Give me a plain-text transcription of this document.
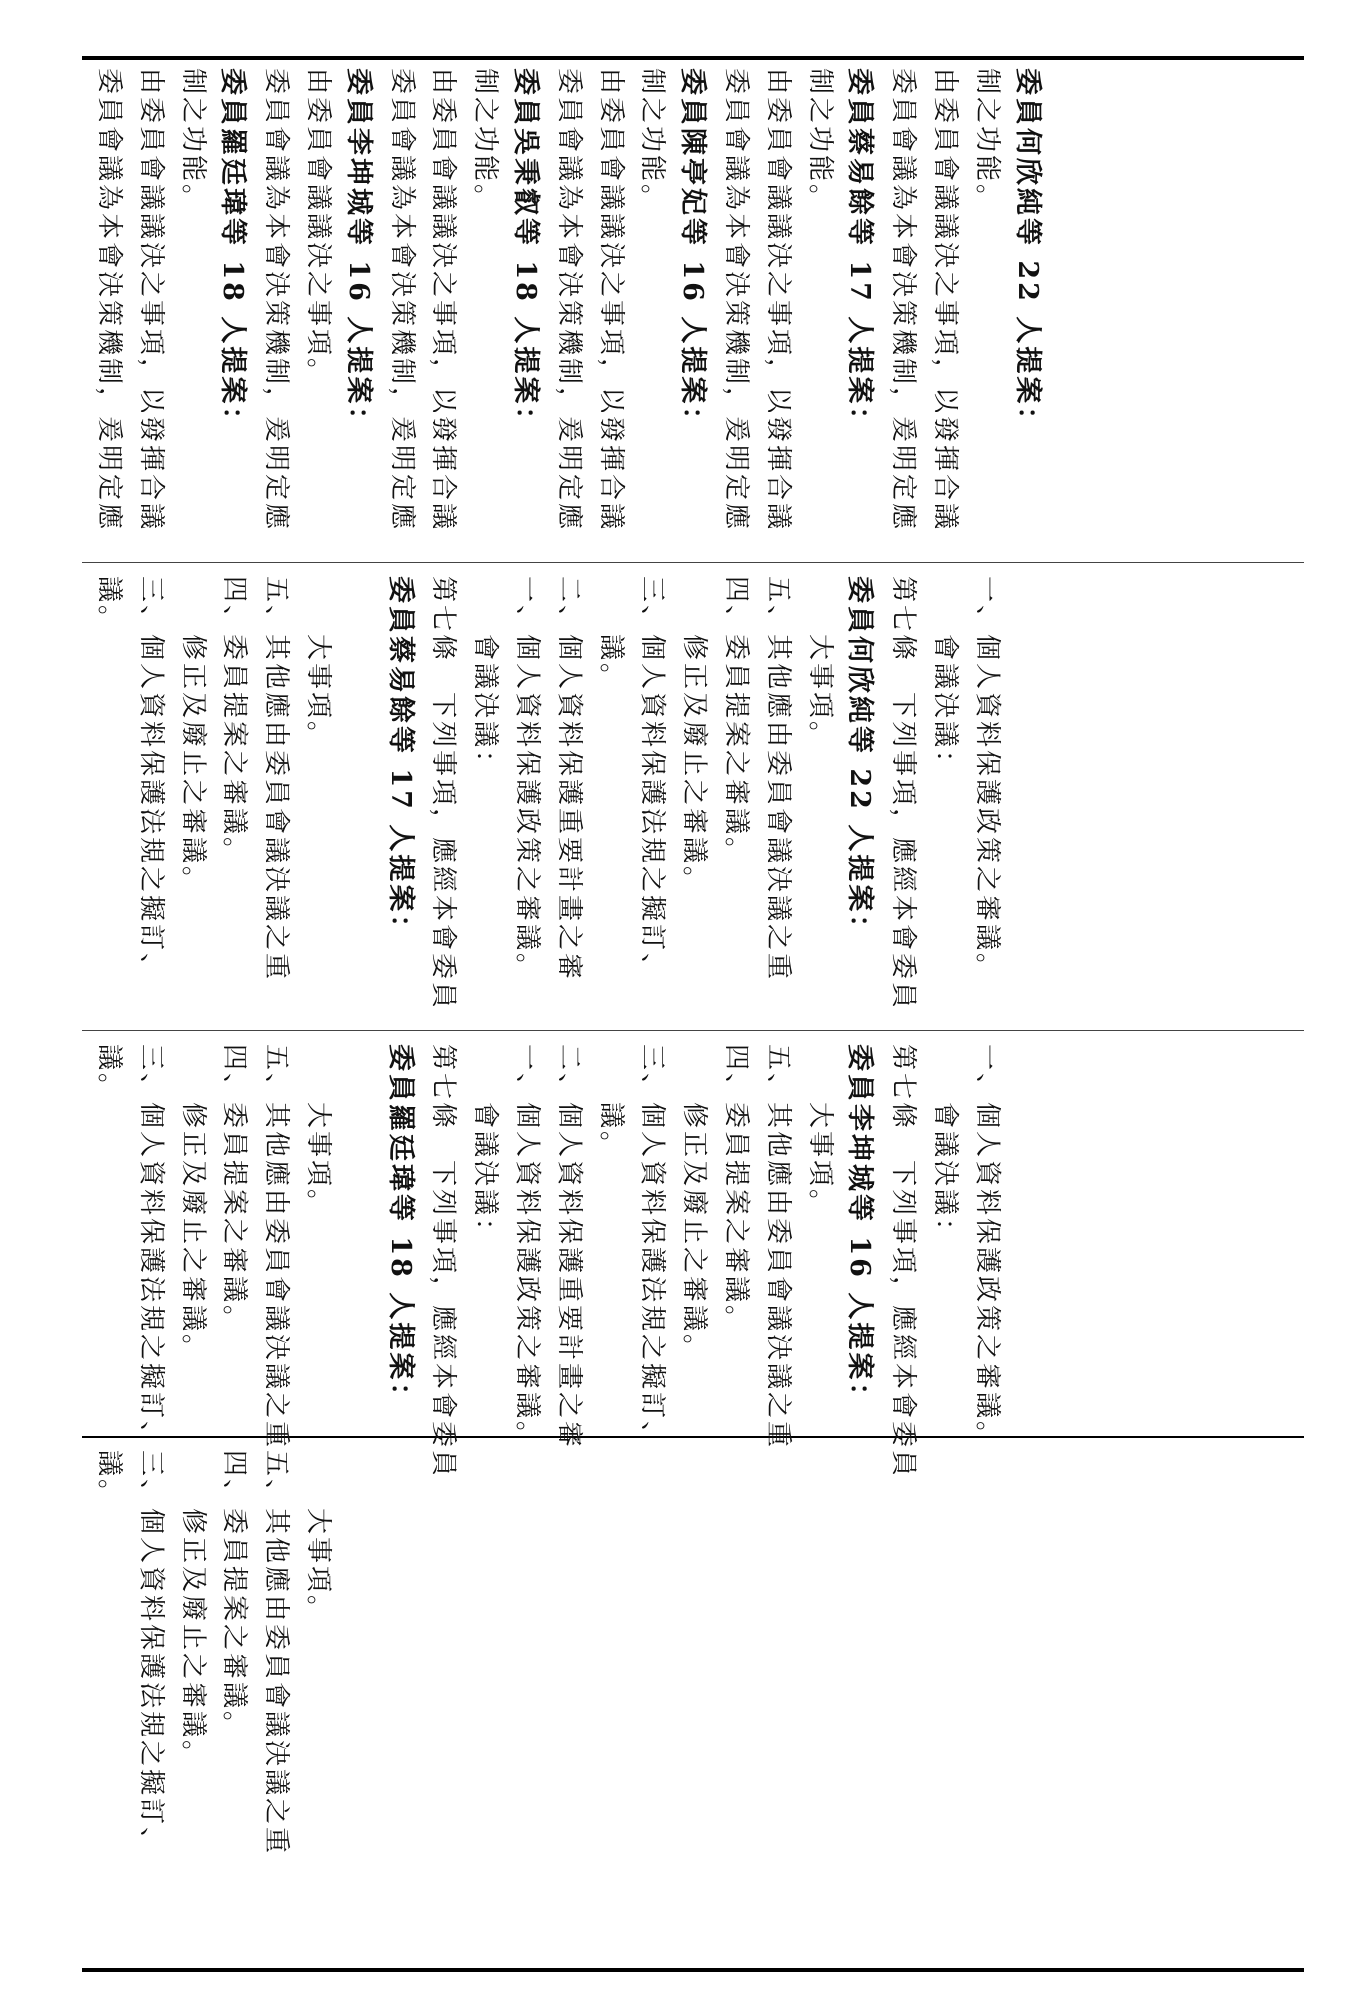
委員會議為本會決策機制，爰明定應 由委員會議議決之事項，以發揮合議 制之功能。 委員羅廷瑋等 18 人提案： 委員會議為本會決策機制，爰明定應 由委員會議議決之事項。 委員李坤城等 16 人提案： 委員會議為本會決策機制，爰明定應 由委員會議議決之事項，以發揮合議 制之功能。 委員吳秉叡等 18 人提案： 委員會議為本會決策機制，爰明定應 由委員會議議決之事項，以發揮合議 制之功能。 委員陳亭妃等 16 人提案： 委員會議為本會決策機制，爰明定應 由委員會議議決之事項，以發揮合議 制之功能。 委員蔡易餘等 17 人提案： 委員會議為本會決策機制，爰明定應 由委員會議議決之事項，以發揮合議 制之功能。 委員何欣純等 22 人提案：
議。 三、個人資料保護法規之擬訂、 　　修正及廢止之審議。 四、委員提案之審議。 五、其他應由委員會議決議之重 　　大事項。 委員蔡易餘等 17 人提案： 第七條　下列事項，應經本會委員 　　會議決議： 一、個人資料保護政策之審議。 二、個人資料保護重要計畫之審 　　議。 三、個人資料保護法規之擬訂、 　　修正及廢止之審議。 四、委員提案之審議。 五、其他應由委員會議決議之重 　　大事項。 委員何欣純等 22 人提案： 第七條　下列事項，應經本會委員 　　會議決議： 一、個人資料保護政策之審議。
議。 三、個人資料保護法規之擬訂、 　　修正及廢止之審議。 四、委員提案之審議。 五、其他應由委員會議決議之重 　　大事項。 委員羅廷瑋等 18 人提案： 第七條　下列事項，應經本會委員 　　會議決議： 一、個人資料保護政策之審議。 二、個人資料保護重要計畫之審 　　議。 三、個人資料保護法規之擬訂、 　　修正及廢止之審議。 四、委員提案之審議。 五、其他應由委員會議決議之重 　　大事項。 委員李坤城等 16 人提案： 第七條　下列事項，應經本會委員 　　會議決議： 一、個人資料保護政策之審議。
議。 三、個人資料保護法規之擬訂、 　　修正及廢止之審議。 四、委員提案之審議。 五、其他應由委員會議決議之重 　　大事項。
